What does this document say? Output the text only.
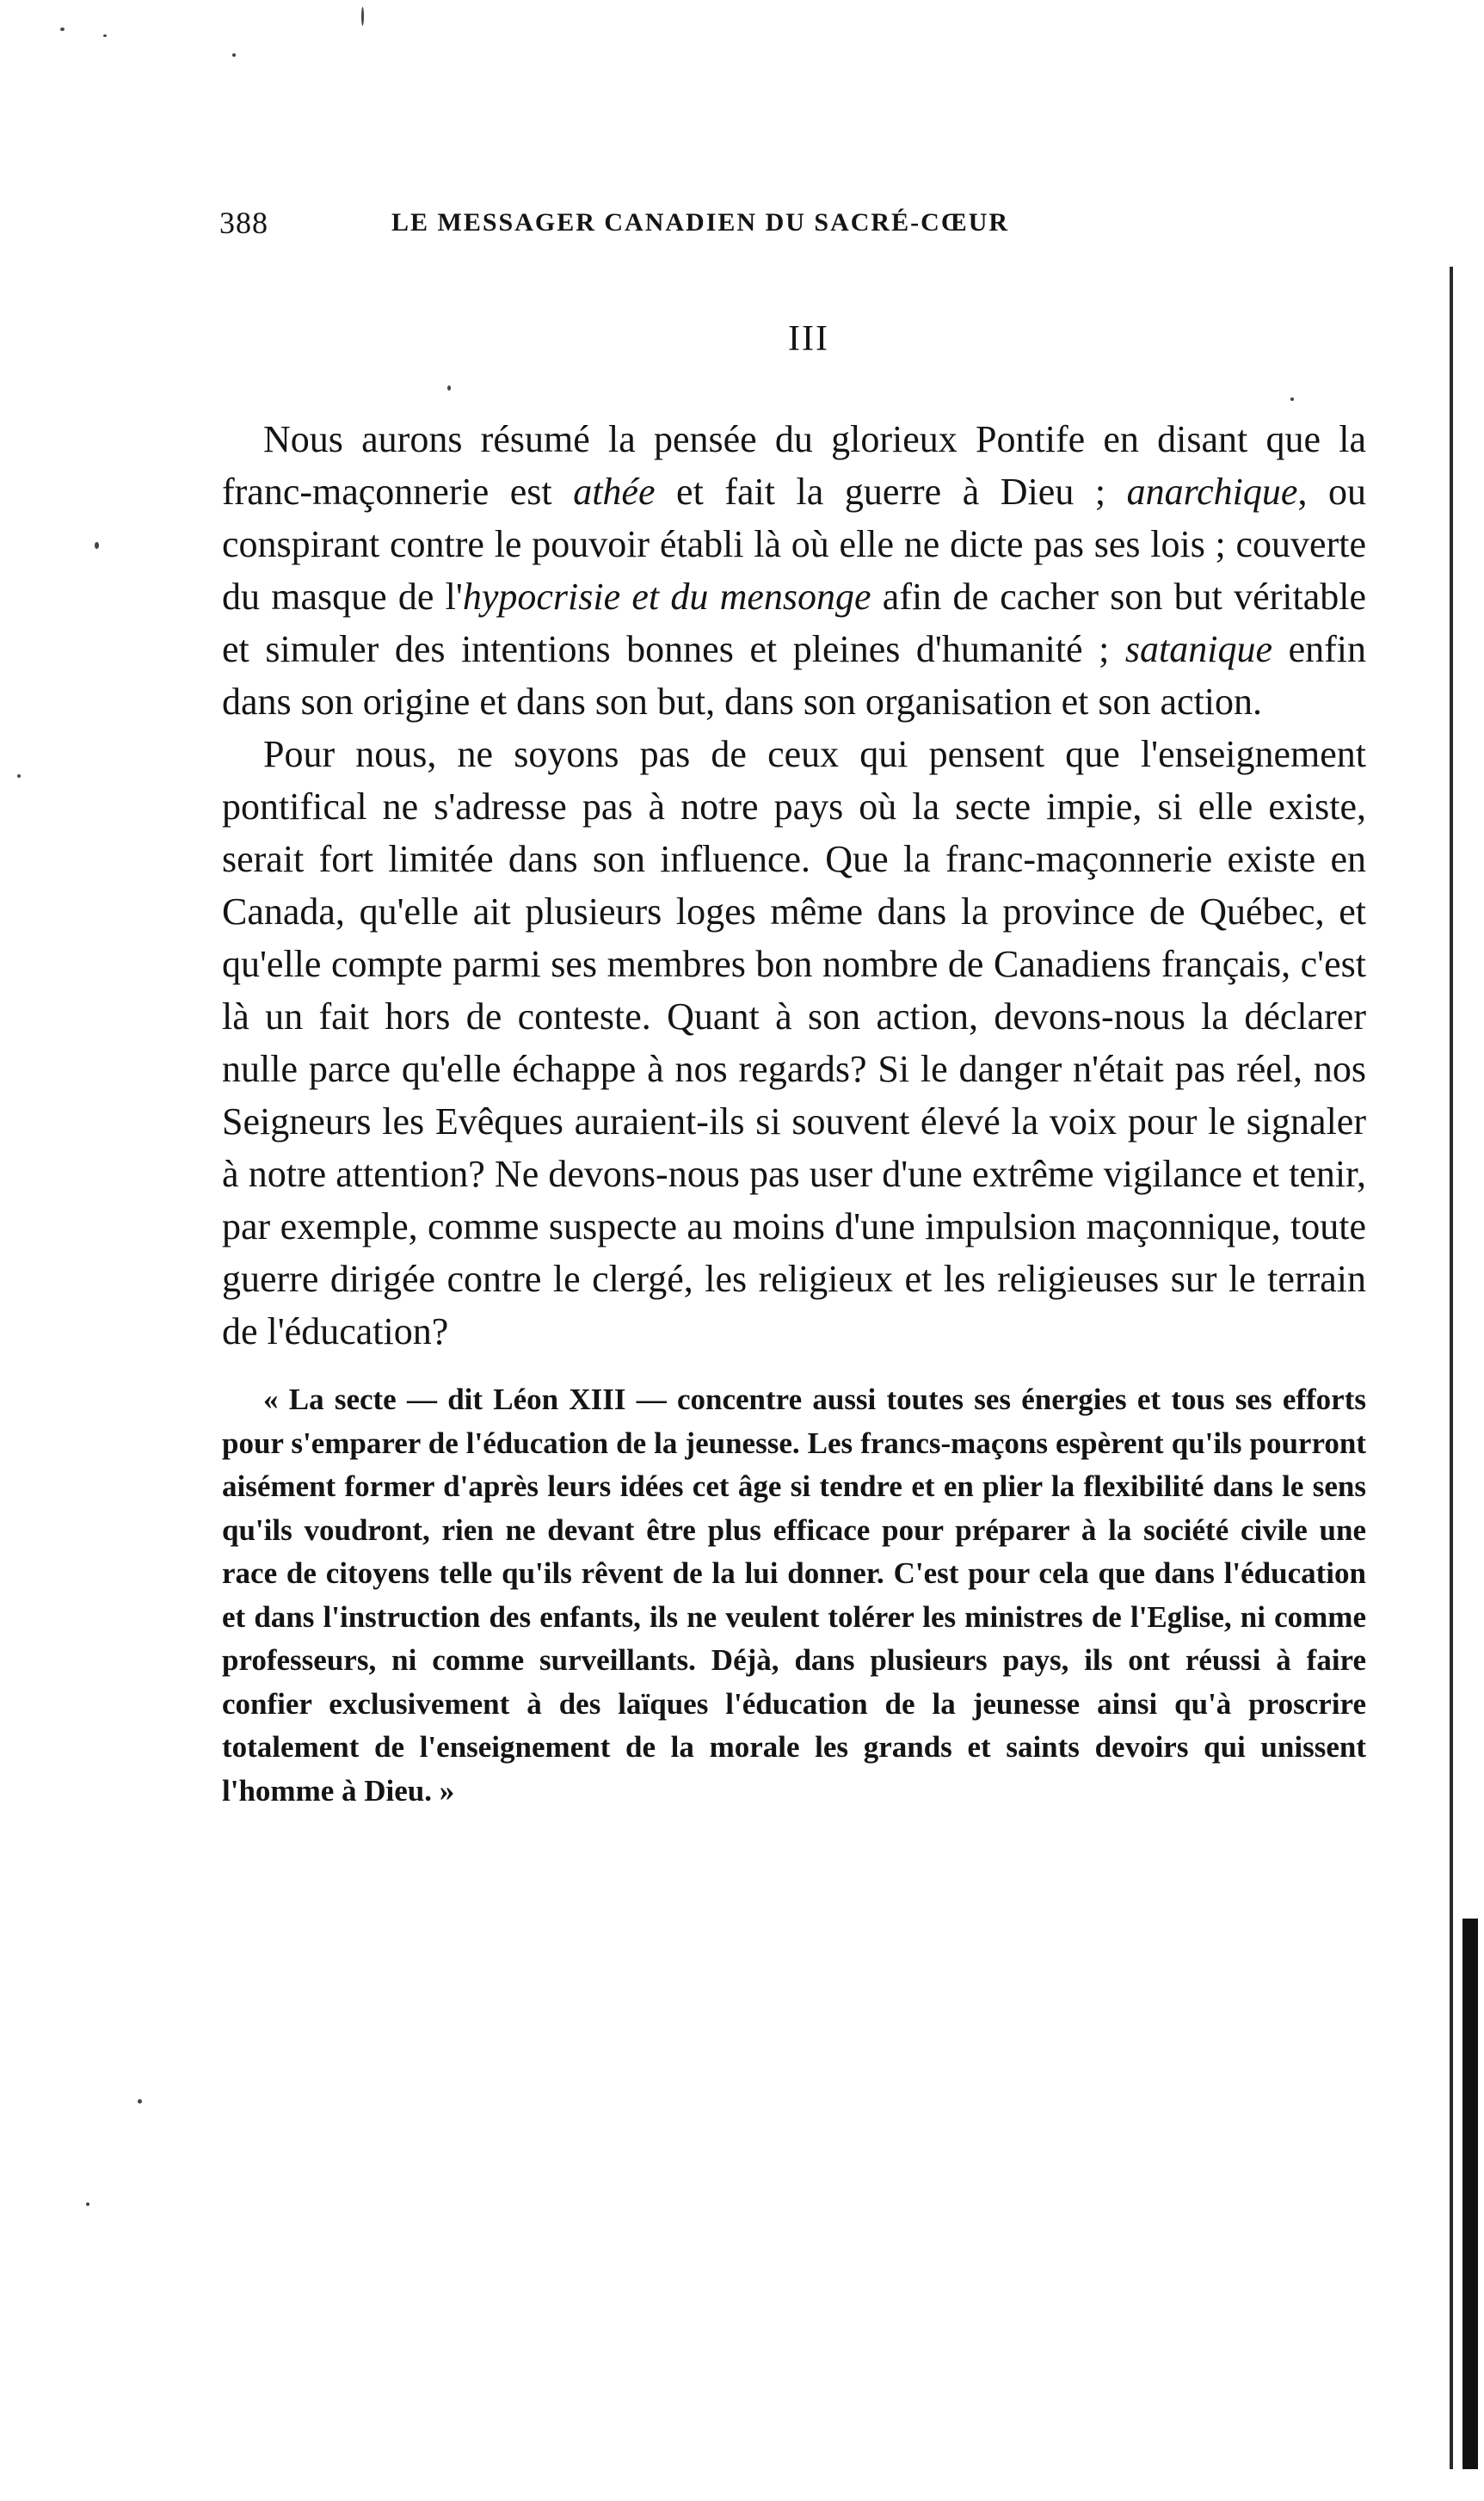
388	LE MESSAGER CANADIEN DU SACRÉ-CŒUR
III

Nous aurons résumé la pensée du glorieux Pontife en disant que la franc-maçonnerie est athée et fait la guerre à Dieu ; anarchique, ou conspirant contre le pouvoir établi là où elle ne dicte pas ses lois ; couverte du masque de l'hypocrisie et du mensonge afin de cacher son but véritable et simuler des intentions bonnes et pleines d'humanité ; satanique enfin dans son origine et dans son but, dans son organisation et son action.

Pour nous, ne soyons pas de ceux qui pensent que l'enseignement pontifical ne s'adresse pas à notre pays où la secte impie, si elle existe, serait fort limitée dans son influence. Que la franc-maçonnerie existe en Canada, qu'elle ait plusieurs loges même dans la province de Québec, et qu'elle compte parmi ses membres bon nombre de Canadiens français, c'est là un fait hors de conteste. Quant à son action, devons-nous la déclarer nulle parce qu'elle échappe à nos regards? Si le danger n'était pas réel, nos Seigneurs les Evêques auraient-ils si souvent élevé la voix pour le signaler à notre attention? Ne devons-nous pas user d'une extrême vigilance et tenir, par exemple, comme suspecte au moins d'une impulsion maçonnique, toute guerre dirigée contre le clergé, les religieux et les religieuses sur le terrain de l'éducation?

« La secte — dit Léon XIII — concentre aussi toutes ses énergies et tous ses efforts pour s'emparer de l'éducation de la jeunesse. Les francs-maçons espèrent qu'ils pourront aisément former d'après leurs idées cet âge si tendre et en plier la flexibilité dans le sens qu'ils voudront, rien ne devant être plus efficace pour préparer à la société civile une race de citoyens telle qu'ils rêvent de la lui donner. C'est pour cela que dans l'éducation et dans l'instruction des enfants, ils ne veulent tolérer les ministres de l'Eglise, ni comme professeurs, ni comme surveillants. Déjà, dans plusieurs pays, ils ont réussi à faire confier exclusivement à des laïques l'éducation de la jeunesse ainsi qu'à proscrire totalement de l'enseignement de la morale les grands et saints devoirs qui unissent l'homme à Dieu. »
